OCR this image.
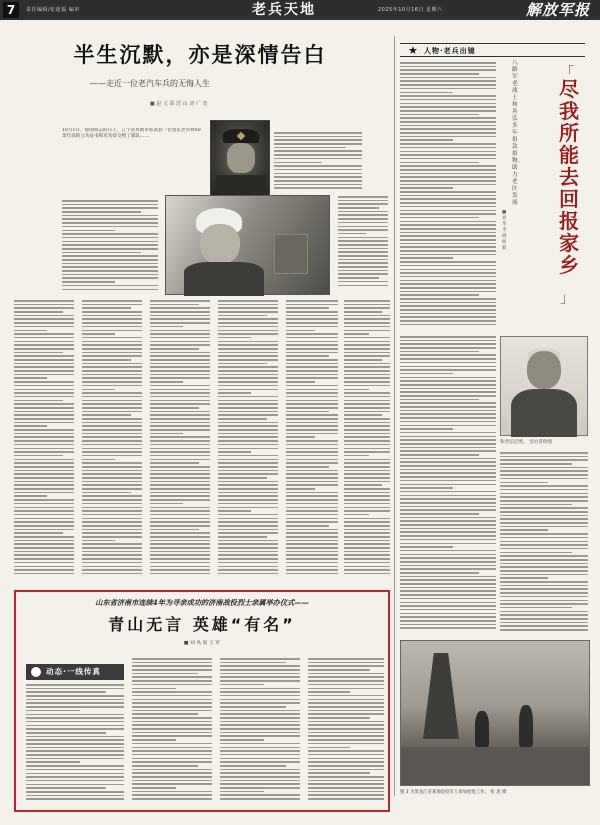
7	责任编辑/张迪福 编审	老兵天地	2025年10月16日 星期六	解放军报
半生沉默，亦是深情告白
——走近一位老汽车兵的无悔人生
■ 赵 文 邵 浩 山 刘 广 宽
10月1日，鲁国同志的日子，辽宁省阜新市彰武县一位退伍老兵将60余年前的立功证书和军功章交给了部队……
★ 人物·老兵出镜
八路军老战士和善弘多年捐款捐物、助力老区发展
■ 刘华 李晓 杨 毅
「
尽我所能去回报家乡
」
和善弘近照。 受访者供图
图 3 为黑龙江省某地退役军人参加抢收工作。 张 思 摄
山东省济南市连续4年为寻亲成功的济南战役烈士亲属举办仪式——
青山无言 英雄“有名”
■ 刘 凤 娟 王 军
动态·一线传真
